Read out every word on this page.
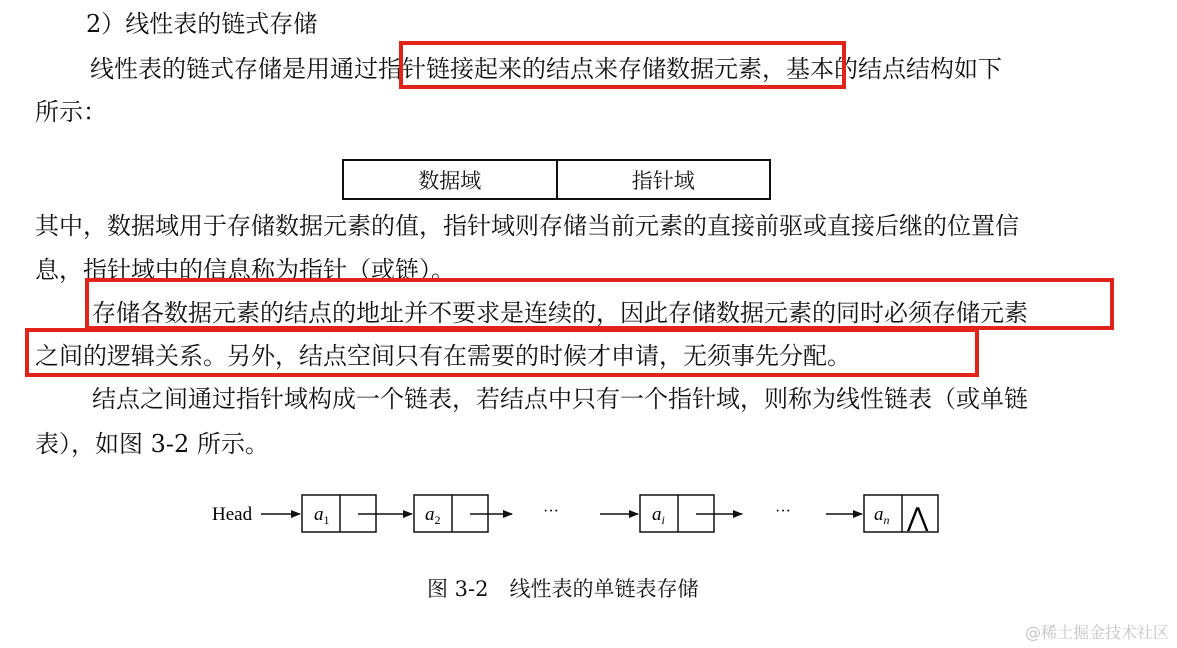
2）线性表的链式存储
线性表的链式存储是用通过指针链接起来的结点来存储数据元素，基本的结点结构如下
所示：
数据域	指针域
其中，数据域用于存储数据元素的值，指针域则存储当前元素的直接前驱或直接后继的位置信
息，指针域中的信息称为指针（或链）。
存储各数据元素的结点的地址并不要求是连续的，因此存储数据元素的同时必须存储元素
之间的逻辑关系。另外，结点空间只有在需要的时候才申请，无须事先分配。
结点之间通过指针域构成一个链表，若结点中只有一个指针域，则称为线性链表（或单链
表），如图 3-2 所示。
Head	$a_1$	$a_2$	···	$a_i$	···	$a_n$ ⋀
图 3-2　线性表的单链表存储
@稀土掘金技术社区
